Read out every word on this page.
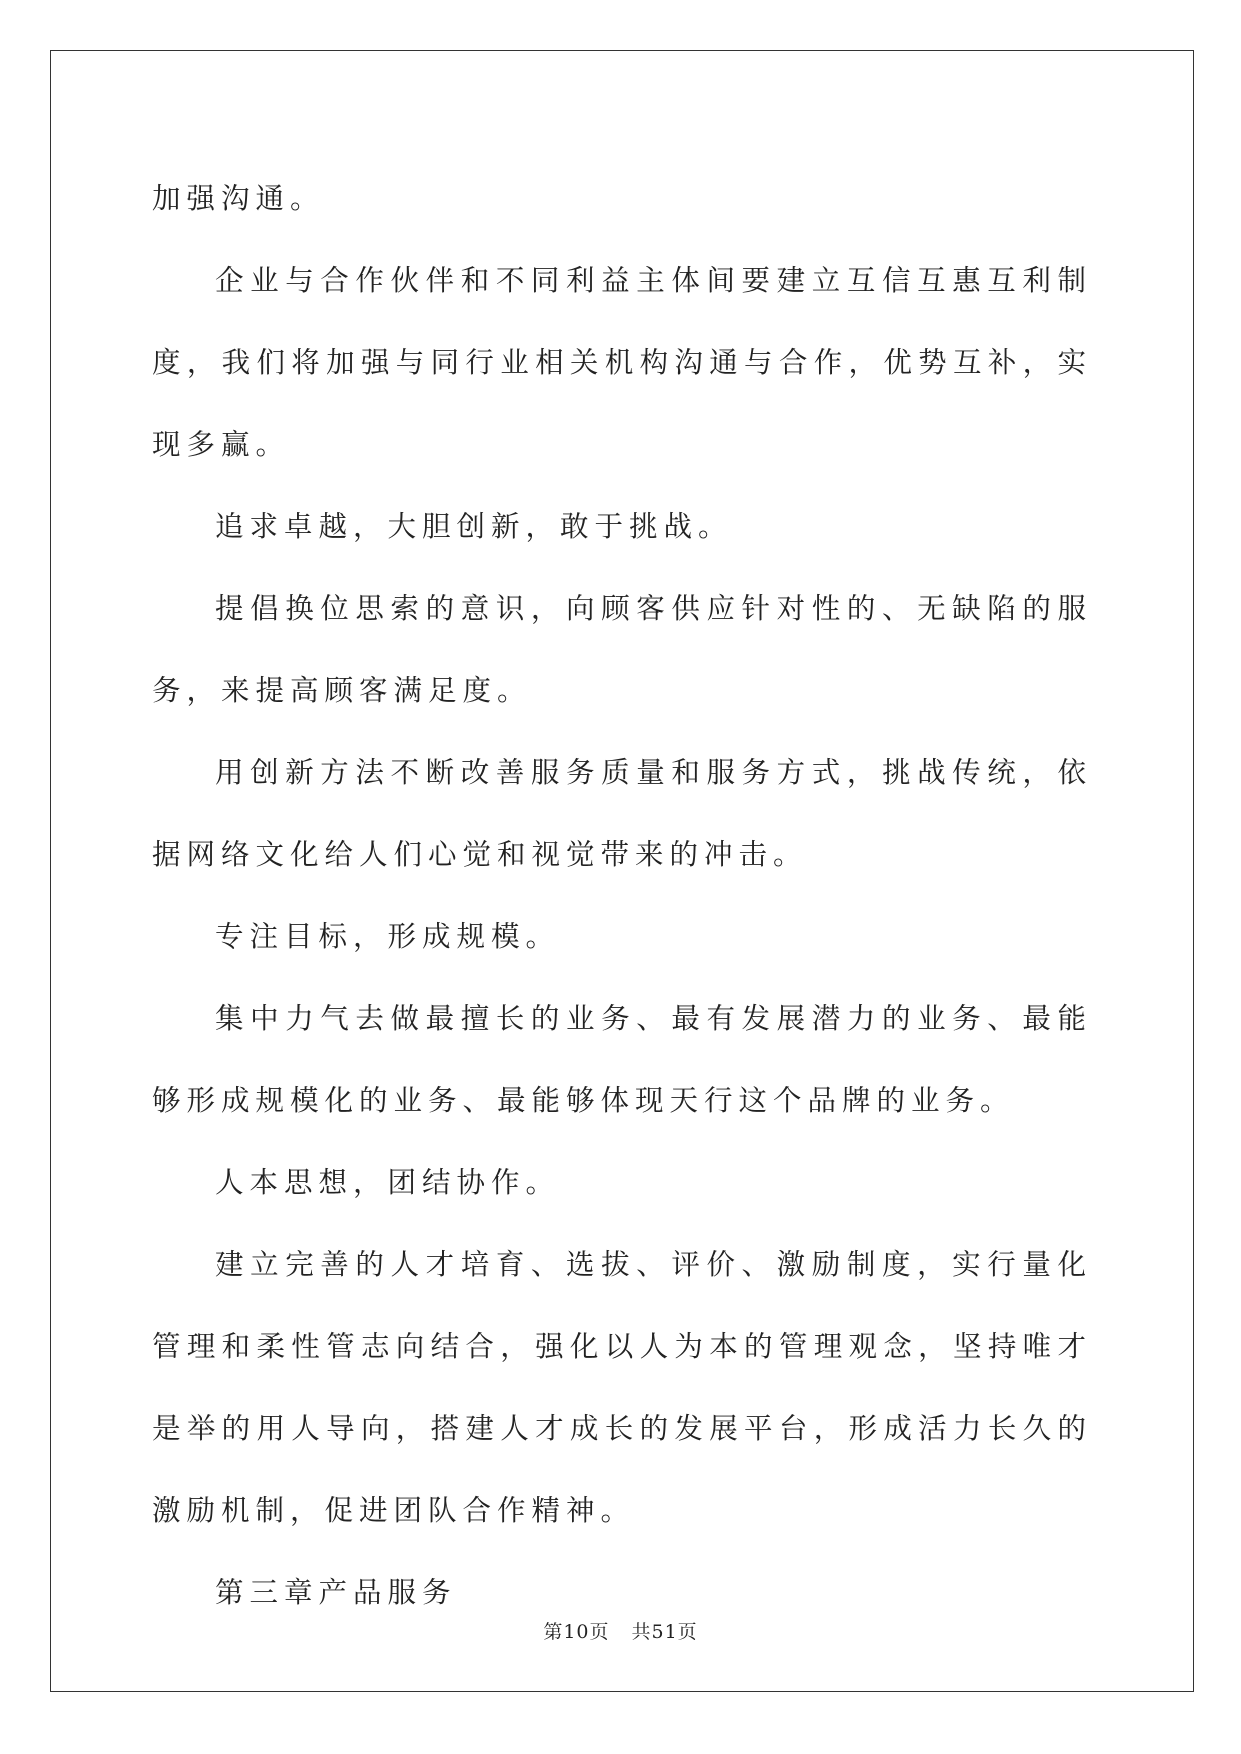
加强沟通。

企业与合作伙伴和不同利益主体间要建立互信互惠互利制度，我们将加强与同行业相关机构沟通与合作，优势互补，实现多赢。

追求卓越，大胆创新，敢于挑战。

提倡换位思索的意识，向顾客供应针对性的、无缺陷的服务，来提高顾客满足度。

用创新方法不断改善服务质量和服务方式，挑战传统，依据网络文化给人们心觉和视觉带来的冲击。

专注目标，形成规模。

集中力气去做最擅长的业务、最有发展潜力的业务、最能够形成规模化的业务、最能够体现天行这个品牌的业务。

人本思想，团结协作。

建立完善的人才培育、选拔、评价、激励制度，实行量化管理和柔性管志向结合，强化以人为本的管理观念，坚持唯才是举的用人导向，搭建人才成长的发展平台，形成活力长久的激励机制，促进团队合作精神。

第三章产品服务

第10页 共51页
